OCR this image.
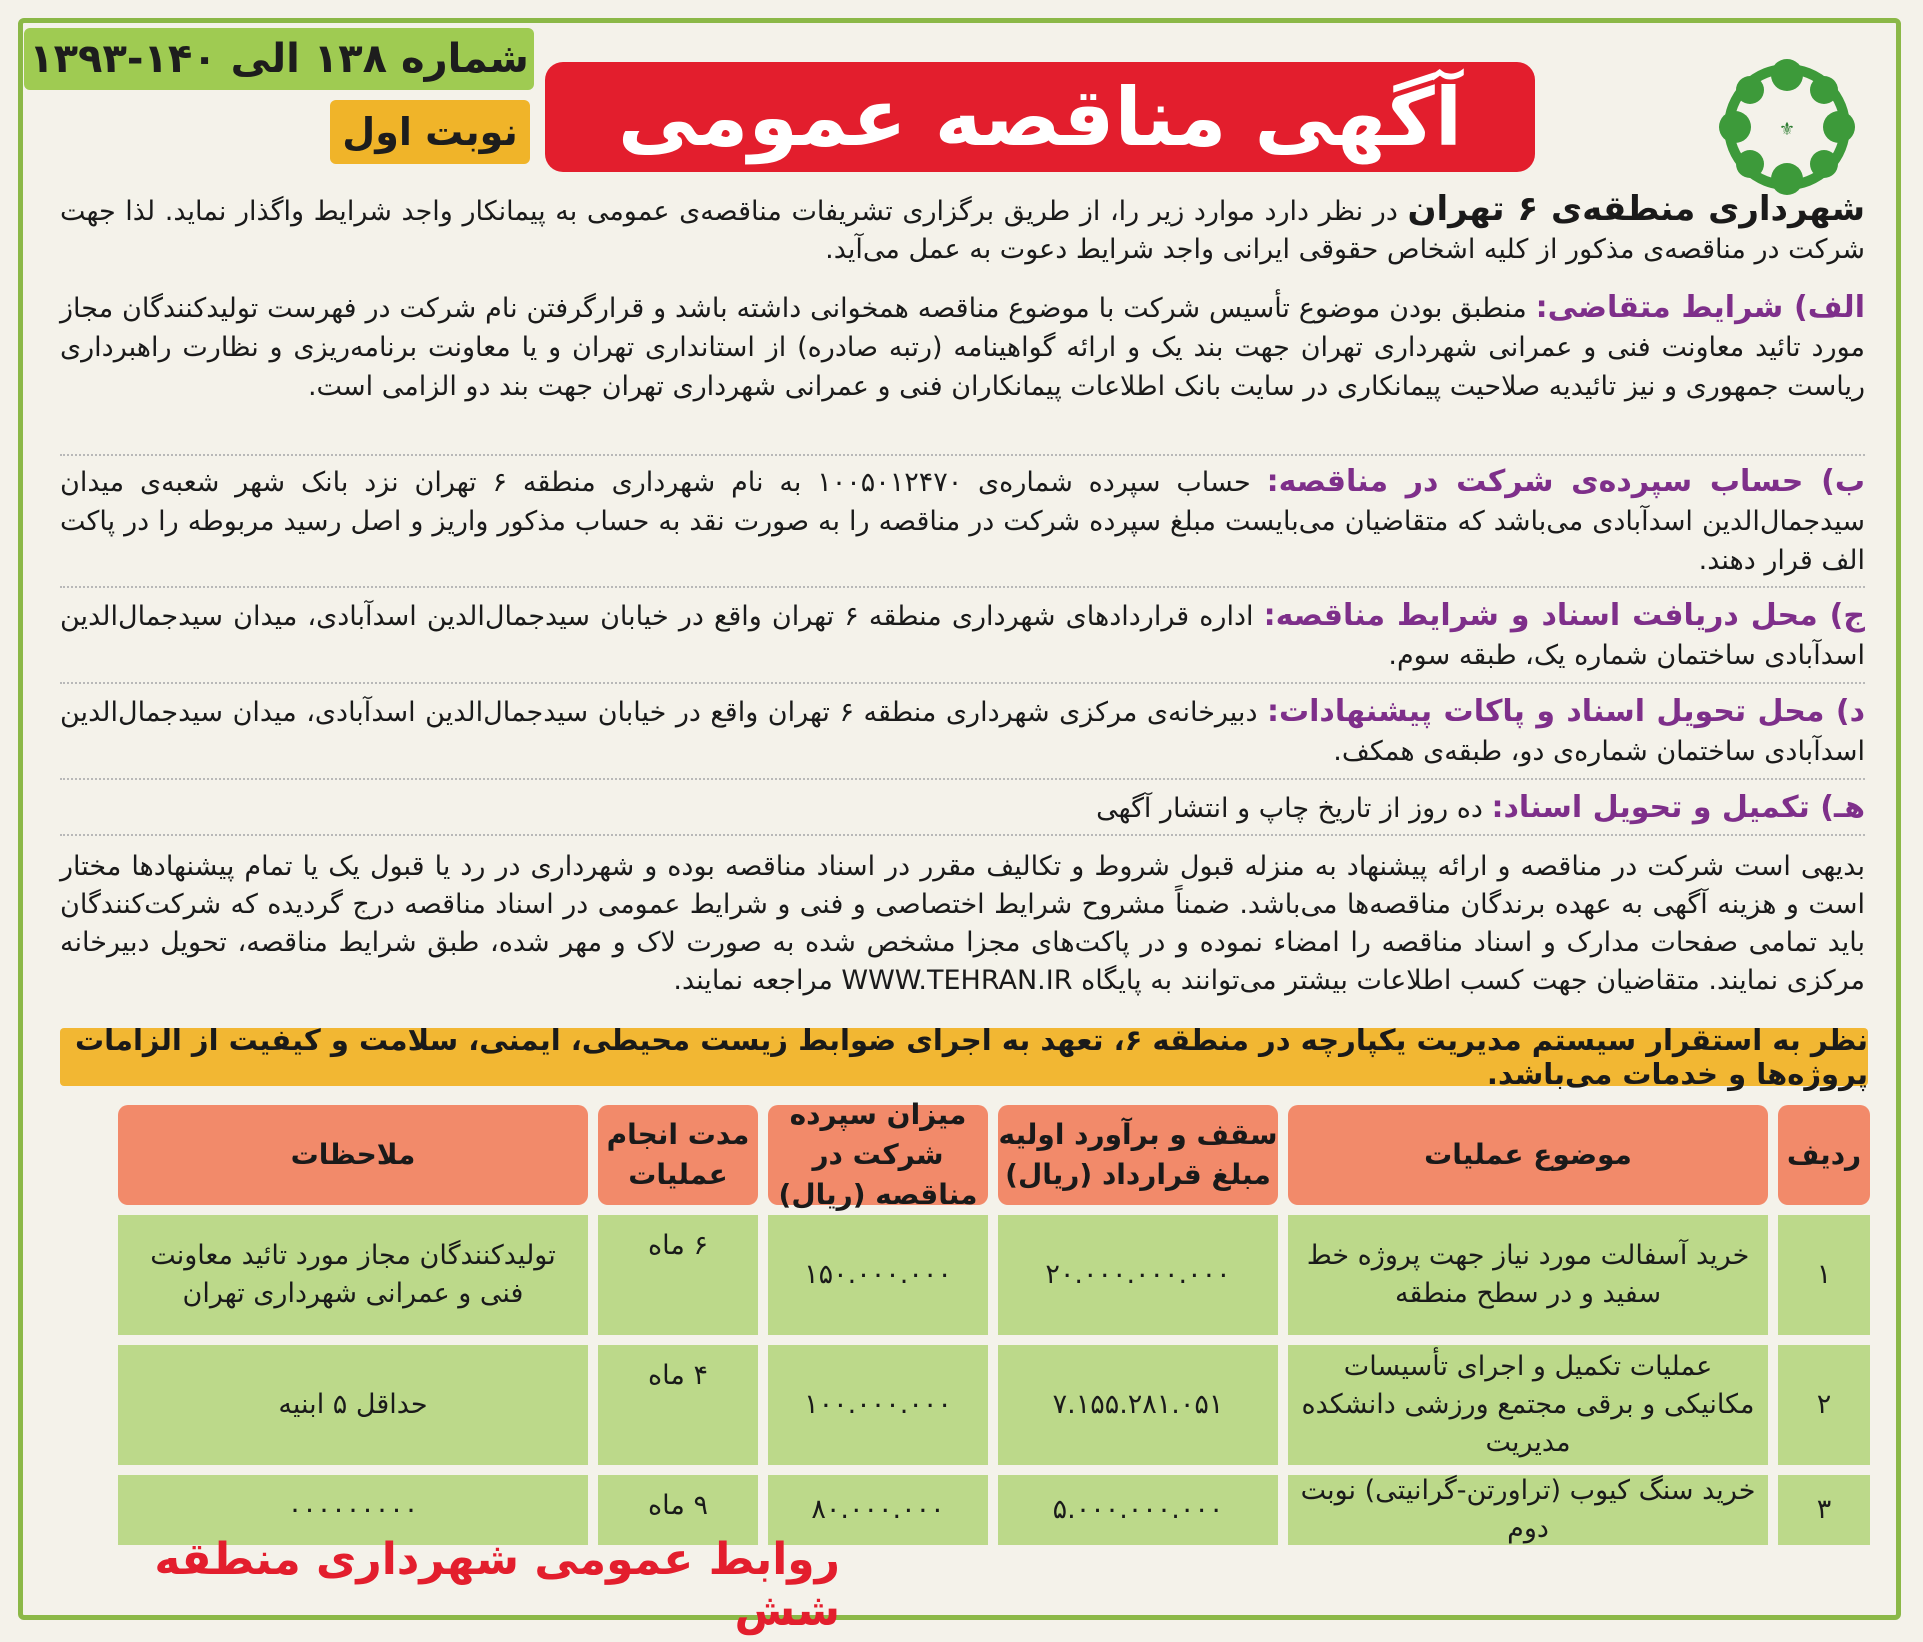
شماره ۱۳۸ الی ۱۴۰-۱۳۹۳
نوبت اول آگهی مناقصه عمومی	⚜
شهرداری منطقه‌ی ۶ تهران در نظر دارد موارد زیر را، از طریق برگزاری تشریفات مناقصه‌ی عمومی به پیمانکار واجد شرایط واگذار نماید. لذا جهت شرکت در مناقصه‌ی مذکور از کلیه اشخاص حقوقی ایرانی واجد شرایط دعوت به عمل می‌آید.
الف) شرایط متقاضی: منطبق بودن موضوع تأسیس شرکت با موضوع مناقصه همخوانی داشته باشد و قرارگرفتن نام شرکت در فهرست تولیدکنندگان مجاز مورد تائید معاونت فنی و عمرانی شهرداری تهران جهت بند یک و ارائه گواهینامه (رتبه صادره) از استانداری تهران و یا معاونت برنامه‌ریزی و نظارت راهبرداری ریاست جمهوری و نیز تائیدیه صلاحیت پیمانکاری در سایت بانک اطلاعات پیمانکاران فنی و عمرانی شهرداری تهران جهت بند دو الزامی است.
ب) حساب سپرده‌ی شرکت در مناقصه: حساب سپرده شماره‌ی ۱۰۰۵۰۱۲۴۷۰ به نام شهرداری منطقه ۶ تهران نزد بانک شهر شعبه‌ی میدان سیدجمال‌الدین اسدآبادی می‌باشد که متقاضیان می‌بایست مبلغ سپرده شرکت در مناقصه را به صورت نقد به حساب مذکور واریز و اصل رسید مربوطه را در پاکت الف قرار دهند.
ج) محل دریافت اسناد و شرایط مناقصه: اداره قراردادهای شهرداری منطقه ۶ تهران واقع در خیابان سیدجمال‌الدین اسدآبادی، میدان سیدجمال‌الدین اسدآبادی ساختمان شماره یک، طبقه سوم.
د) محل تحویل اسناد و پاکات پیشنهادات: دبیرخانه‌ی مرکزی شهرداری منطقه ۶ تهران واقع در خیابان سیدجمال‌الدین اسدآبادی، میدان سیدجمال‌الدین اسدآبادی ساختمان شماره‌ی دو، طبقه‌ی همکف.
هـ) تکمیل و تحویل اسناد: ده روز از تاریخ چاپ و انتشار آگهی
بدیهی است شرکت در مناقصه و ارائه پیشنهاد به منزله قبول شروط و تکالیف مقرر در اسناد مناقصه بوده و شهرداری در رد یا قبول یک یا تمام پیشنهادها مختار است و هزینه آگهی به عهده برندگان مناقصه‌ها می‌باشد. ضمناً مشروح شرایط اختصاصی و فنی و شرایط عمومی در اسناد مناقصه درج گردیده که شرکت‌کنندگان باید تمامی صفحات مدارک و اسناد مناقصه را امضاء نموده و در پاکت‌های مجزا مشخص شده به صورت لاک و مهر شده، طبق شرایط مناقصه، تحویل دبیرخانه مرکزی نمایند. متقاضیان جهت کسب اطلاعات بیشتر می‌توانند به پایگاه WWW.TEHRAN.IR مراجعه نمایند.
نظر به استقرار سیستم مدیریت یکپارچه در منطقه ۶، تعهد به اجرای ضوابط زیست محیطی، ایمنی، سلامت و کیفیت از الزامات پروژه‌ها و خدمات می‌باشد.
ردیف
موضوع عملیات
سقف و برآورد اولیه مبلغ قرارداد (ریال)
میزان سپرده شرکت در مناقصه (ریال)
مدت انجام عملیات
ملاحظات
۱
خرید آسفالت مورد نیاز جهت پروژه خط سفید و در سطح منطقه
۲۰.۰۰۰.۰۰۰.۰۰۰
۱۵۰.۰۰۰.۰۰۰
۶ ماه
تولیدکنندگان مجاز مورد تائید معاونت فنی و عمرانی شهرداری تهران
۲
عملیات تکمیل و اجرای تأسیسات مکانیکی و برقی مجتمع ورزشی دانشکده مدیریت
۷.۱۵۵.۲۸۱.۰۵۱
۱۰۰.۰۰۰.۰۰۰
۴ ماه
حداقل ۵ ابنیه
۳
خرید سنگ کیوب (تراورتن-گرانیتی) نوبت دوم
۵.۰۰۰.۰۰۰.۰۰۰
۸۰.۰۰۰.۰۰۰
۹ ماه
۰۰۰۰۰۰۰۰۰
روابط عمومی شهرداری منطقه شش
